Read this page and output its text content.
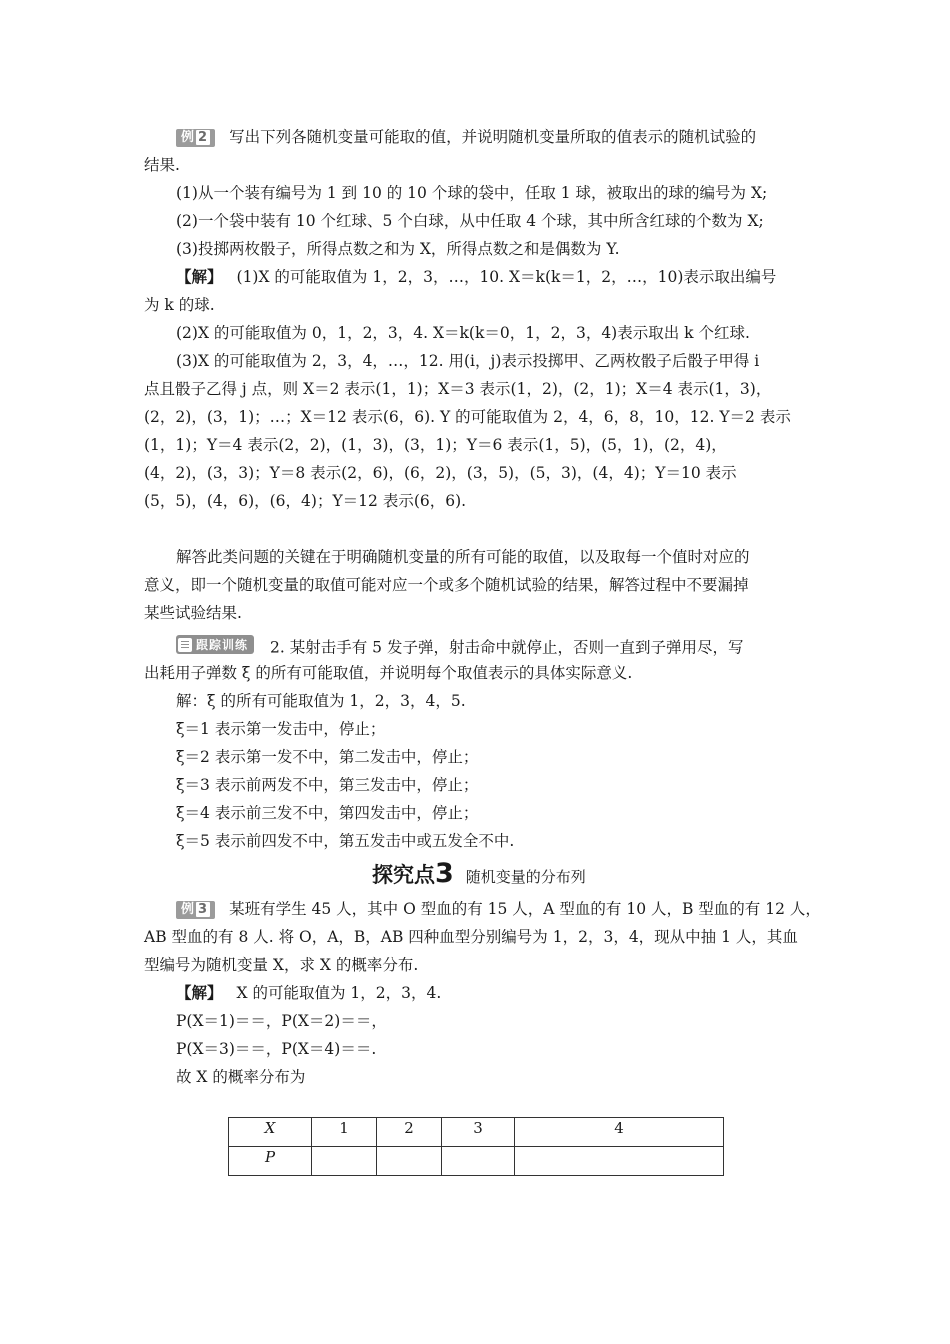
例 2 写出下列各随机变量可能取的值，并说明随机变量所取的值表示的随机试验的
结果.
(1)从一个装有编号为 1 到 10 的 10 个球的袋中，任取 1 球，被取出的球的编号为 X;
(2)一个袋中装有 10 个红球、5 个白球，从中任取 4 个球，其中所含红球的个数为 X;
(3)投掷两枚骰子，所得点数之和为 X，所得点数之和是偶数为 Y.
【解】 (1)X 的可能取值为 1，2，3，…，10. X＝k(k＝1，2，…，10)表示取出编号
为 k 的球.
(2)X 的可能取值为 0，1，2，3，4. X＝k(k＝0，1，2，3，4)表示取出 k 个红球.
(3)X 的可能取值为 2，3，4，…，12. 用(i，j)表示投掷甲、乙两枚骰子后骰子甲得 i
点且骰子乙得 j 点，则 X＝2 表示(1，1)；X＝3 表示(1，2)，(2，1)；X＝4 表示(1，3)，
(2，2)，(3，1)；…；X＝12 表示(6，6). Y 的可能取值为 2，4，6，8，10，12. Y＝2 表示
(1，1)；Y＝4 表示(2，2)，(1，3)，(3，1)；Y＝6 表示(1，5)，(5，1)，(2，4)，
(4，2)，(3，3)；Y＝8 表示(2，6)，(6，2)，(3，5)，(5，3)，(4，4)；Y＝10 表示
(5，5)，(4，6)，(6，4)；Y＝12 表示(6，6).
解答此类问题的关键在于明确随机变量的所有可能的取值，以及取每一个值时对应的
意义，即一个随机变量的取值可能对应一个或多个随机试验的结果，解答过程中不要漏掉
某些试验结果.
跟踪训练 2. 某射击手有 5 发子弹，射击命中就停止，否则一直到子弹用尽，写
出耗用子弹数 ξ 的所有可能取值，并说明每个取值表示的具体实际意义.
解：ξ 的所有可能取值为 1，2，3，4，5.
ξ＝1 表示第一发击中，停止；
ξ＝2 表示第一发不中，第二发击中，停止；
ξ＝3 表示前两发不中，第三发击中，停止；
ξ＝4 表示前三发不中，第四发击中，停止；
ξ＝5 表示前四发不中，第五发击中或五发全不中.
探究点3 随机变量的分布列
例 3 某班有学生 45 人，其中 O 型血的有 15 人，A 型血的有 10 人，B 型血的有 12 人，
AB 型血的有 8 人. 将 O，A，B，AB 四种血型分别编号为 1，2，3，4，现从中抽 1 人，其血
型编号为随机变量 X，求 X 的概率分布.
【解】 X 的可能取值为 1，2，3，4.
P(X＝1)＝＝，P(X＝2)＝＝，
P(X＝3)＝＝，P(X＝4)＝＝.
故 X 的概率分布为
X	1	2	3	4
P				
